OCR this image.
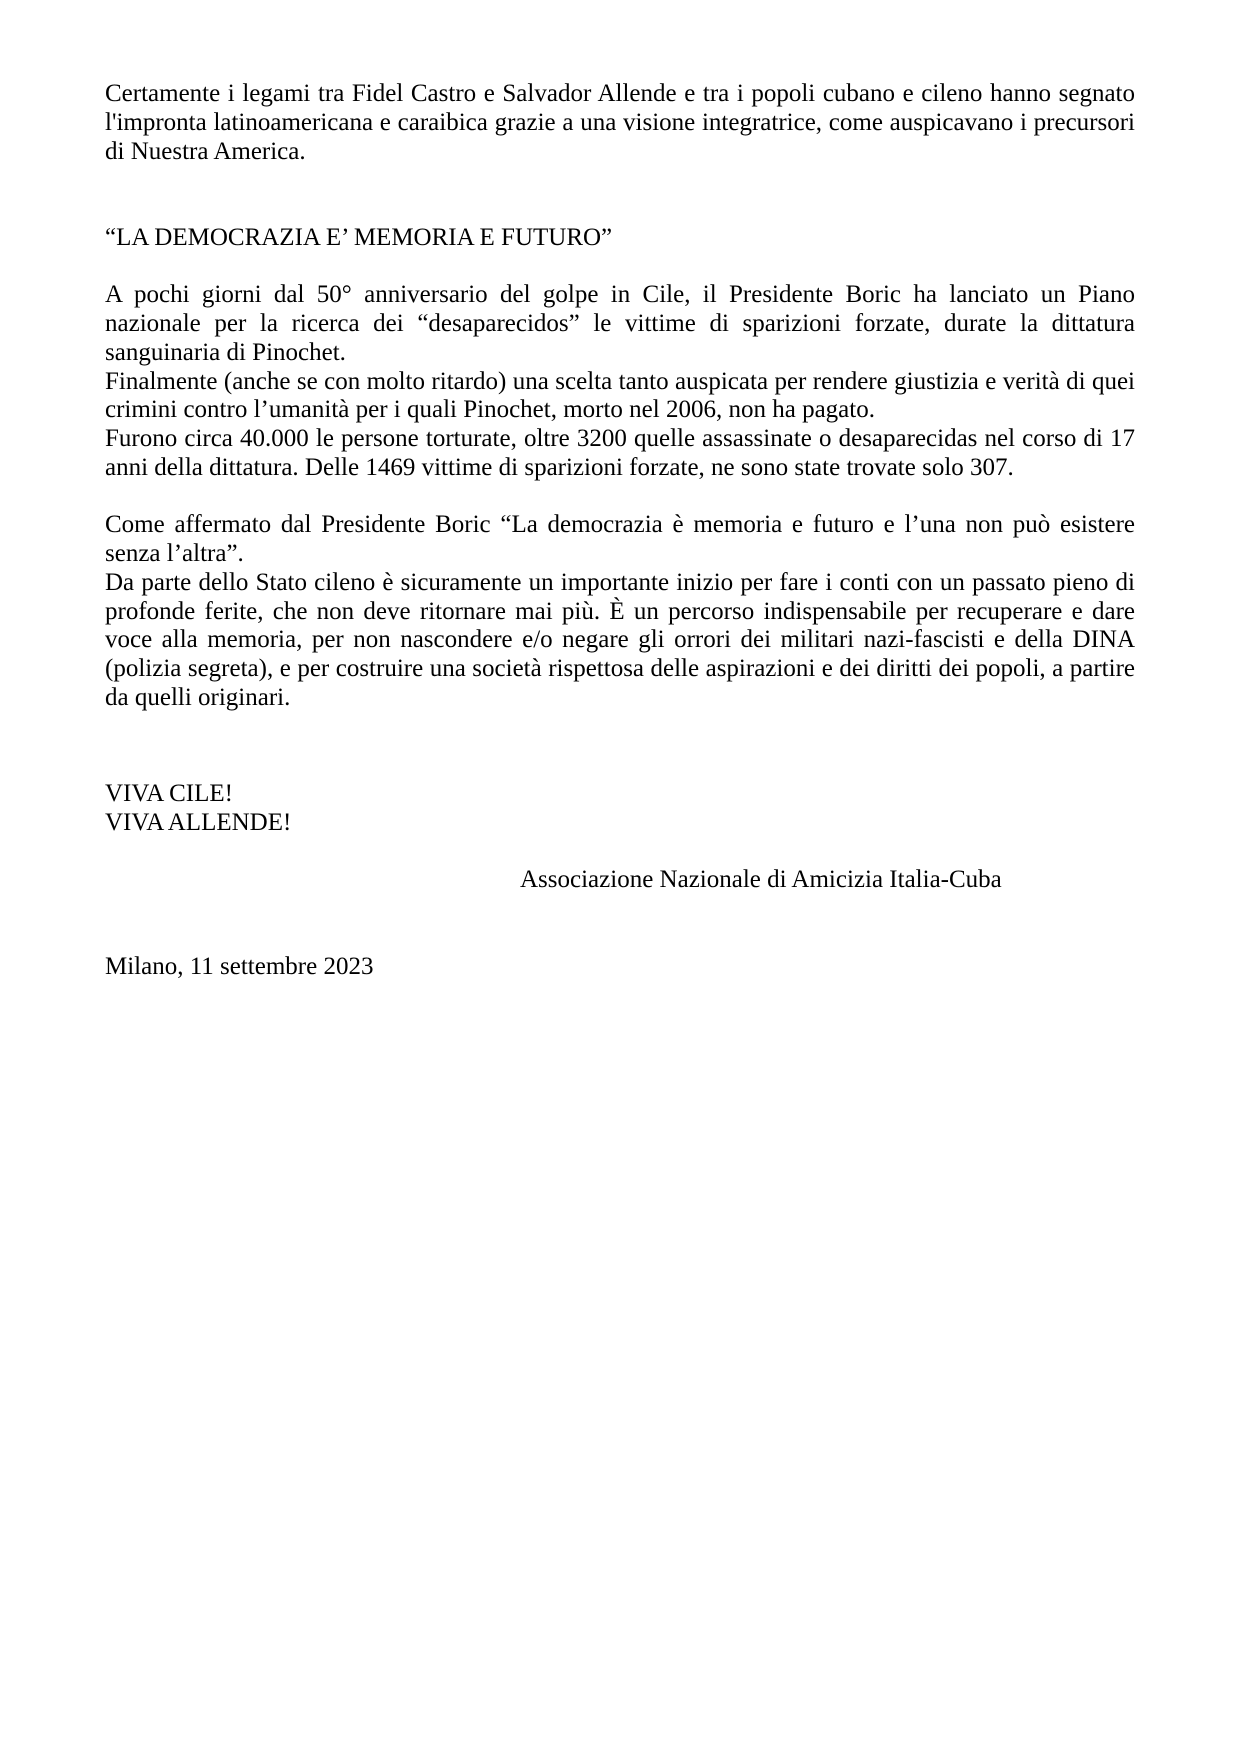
Certamente i legami tra Fidel Castro e Salvador Allende e tra i popoli cubano e cileno hanno segnato l'impronta latinoamericana e caraibica grazie a una visione integratrice, come auspicavano i precursori di Nuestra America.

“LA DEMOCRAZIA E’ MEMORIA E FUTURO”

A pochi giorni dal 50° anniversario del golpe in Cile, il Presidente Boric ha lanciato un Piano nazionale per la ricerca dei “desaparecidos” le vittime di sparizioni forzate, durate la dittatura sanguinaria di Pinochet.

Finalmente (anche se con molto ritardo) una scelta tanto auspicata per rendere giustizia e verità di quei crimini contro l’umanità per i quali Pinochet, morto nel 2006, non ha pagato.

Furono circa 40.000 le persone torturate, oltre 3200 quelle assassinate o desaparecidas nel corso di 17 anni della dittatura. Delle 1469 vittime di sparizioni forzate, ne sono state trovate solo 307.

Come affermato dal Presidente Boric “La democrazia è memoria e futuro e l’una non può esistere senza l’altra”.

Da parte dello Stato cileno è sicuramente un importante inizio per fare i conti con un passato pieno di profonde ferite, che non deve ritornare mai più. È un percorso indispensabile per recuperare e dare voce alla memoria, per non nascondere e/o negare gli orrori dei militari nazi-fascisti e della DINA (polizia segreta), e per costruire una società rispettosa delle aspirazioni e dei diritti dei popoli, a partire da quelli originari.

VIVA CILE!

VIVA ALLENDE!

Associazione Nazionale di Amicizia Italia-Cuba

Milano, 11 settembre 2023
